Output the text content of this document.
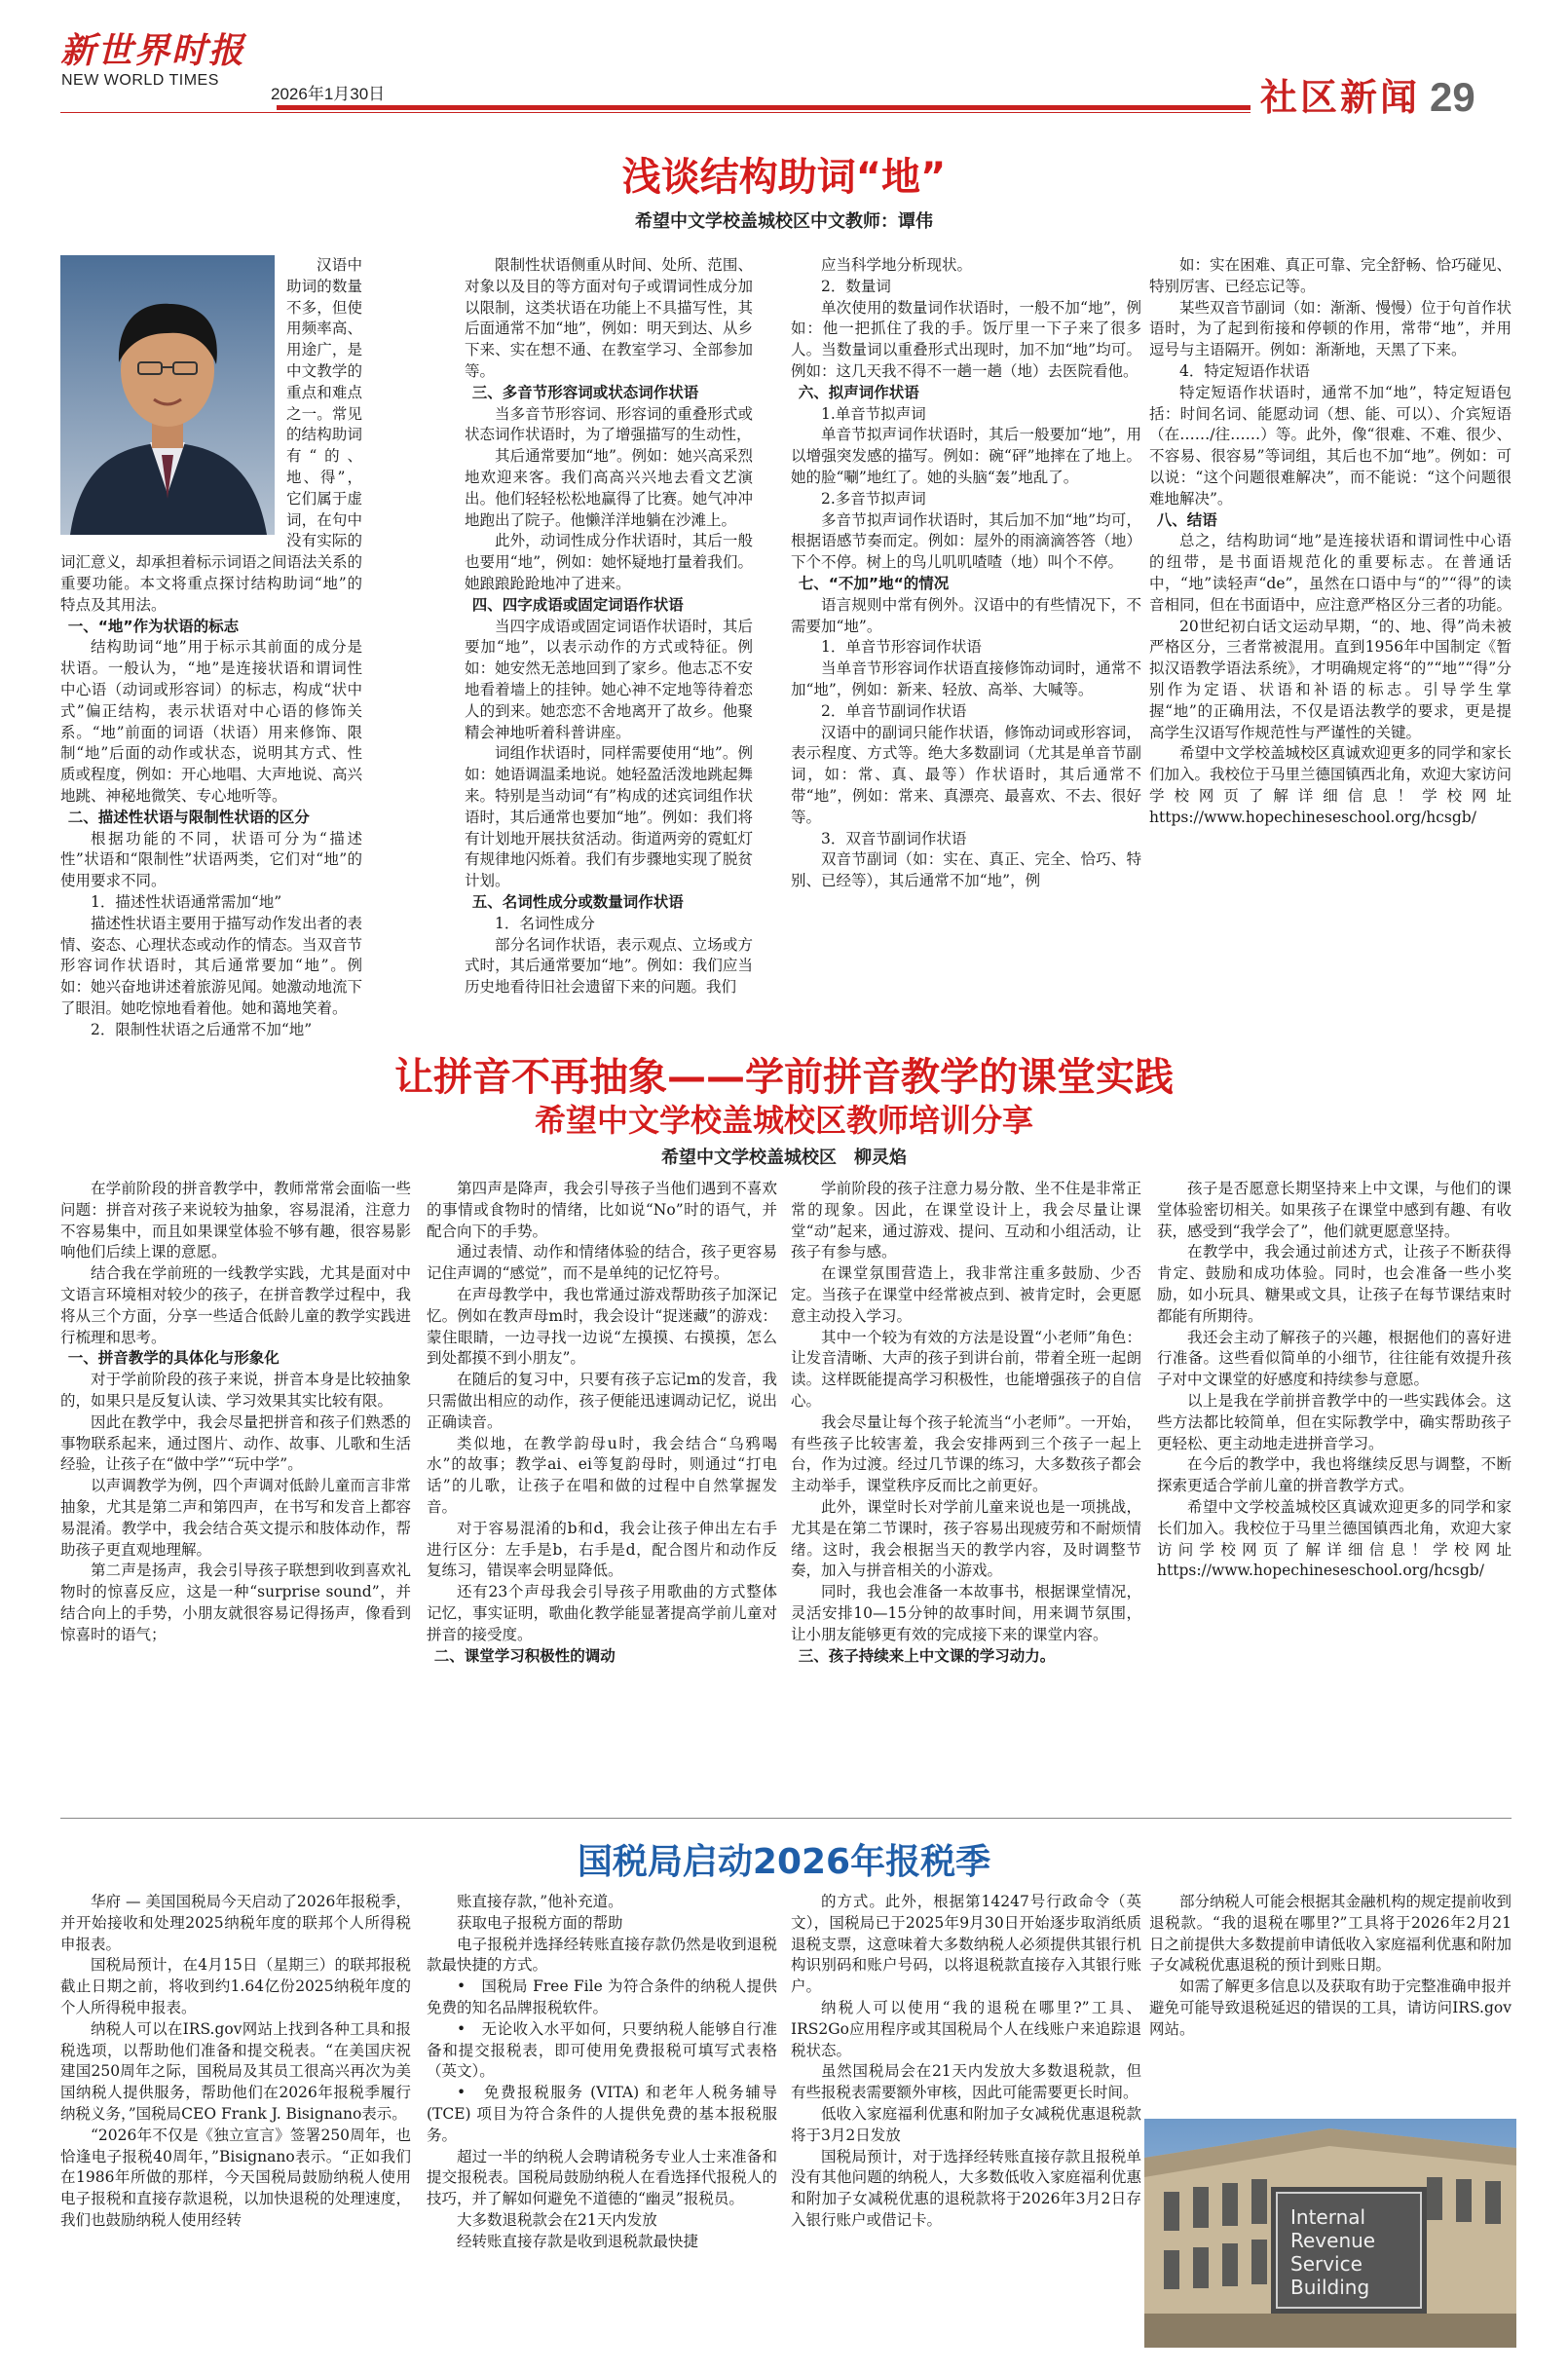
新世界时报
NEW WORLD TIMES
2026年1月30日	社区新闻 29
浅谈结构助词“地”
希望中文学校盖城校区中文教师：谭伟

汉语中助词的数量不多，但使用频率高、用途广，是中文教学的重点和难点之一。常见的结构助词有“的、地、得”，它们属于虚词，在句中没有实际的词汇意义，却承担着标示词语之间语法关系的重要功能。本文将重点探讨结构助词“地”的特点及其用法。

一、“地”作为状语的标志

结构助词“地”用于标示其前面的成分是状语。一般认为，“地”是连接状语和谓词性中心语（动词或形容词）的标志，构成“状中式”偏正结构，表示状语对中心语的修饰关系。“地”前面的词语（状语）用来修饰、限制“地”后面的动作或状态，说明其方式、性质或程度，例如：开心地唱、大声地说、高兴地跳、神秘地微笑、专心地听等。

二、描述性状语与限制性状语的区分

根据功能的不同，状语可分为“描述性”状语和“限制性”状语两类，它们对“地”的使用要求不同。

1．描述性状语通常需加“地”

描述性状语主要用于描写动作发出者的表情、姿态、心理状态或动作的情态。当双音节形容词作状语时，其后通常要加“地”。例如：她兴奋地讲述着旅游见闻。她激动地流下了眼泪。她吃惊地看着他。她和蔼地笑着。

2．限制性状语之后通常不加“地”

限制性状语侧重从时间、处所、范围、对象以及目的等方面对句子或谓词性成分加以限制，这类状语在功能上不具描写性，其后面通常不加“地”，例如：明天到达、从乡下来、实在想不通、在教室学习、全部参加等。

三、多音节形容词或状态词作状语

当多音节形容词、形容词的重叠形式或状态词作状语时，为了增强描写的生动性，

其后通常要加“地”。例如：她兴高采烈地欢迎来客。我们高高兴兴地去看文艺演出。他们轻轻松松地赢得了比赛。她气冲冲地跑出了院子。他懒洋洋地躺在沙滩上。

此外，动词性成分作状语时，其后一般也要用“地”，例如：她怀疑地打量着我们。她踉踉跄跄地冲了进来。

四、四字成语或固定词语作状语

当四字成语或固定词语作状语时，其后要加“地”，以表示动作的方式或特征。例如：她安然无恙地回到了家乡。他志忑不安地看着墙上的挂钟。她心神不定地等待着恋人的到来。她恋恋不舍地离开了故乡。他聚精会神地听着科普讲座。

词组作状语时，同样需要使用“地”。例如：她语调温柔地说。她轻盈活泼地跳起舞来。特别是当动词“有”构成的述宾词组作状语时，其后通常也要加“地”。例如：我们将有计划地开展扶贫活动。街道两旁的霓虹灯有规律地闪烁着。我们有步骤地实现了脱贫计划。

五、名词性成分或数量词作状语

1．名词性成分

部分名词作状语，表示观点、立场或方式时，其后通常要加“地”。例如：我们应当历史地看待旧社会遗留下来的问题。我们

应当科学地分析现状。

2．数量词

单次使用的数量词作状语时，一般不加“地”，例如：他一把抓住了我的手。饭厅里一下子来了很多人。当数量词以重叠形式出现时，加不加“地”均可。例如：这几天我不得不一趟一趟（地）去医院看他。

六、拟声词作状语

1.单音节拟声词

单音节拟声词作状语时，其后一般要加“地”，用以增强突发感的描写。例如：碗“砰”地摔在了地上。她的脸“唰”地红了。她的头脑“轰”地乱了。

2.多音节拟声词

多音节拟声词作状语时，其后加不加“地”均可，根据语感节奏而定。例如：屋外的雨滴滴答答（地）下个不停。树上的鸟儿叽叽喳喳（地）叫个不停。

七、“不加”地“的情况

语言规则中常有例外。汉语中的有些情况下，不需要加“地”。

1．单音节形容词作状语

当单音节形容词作状语直接修饰动词时，通常不加“地”，例如：新来、轻放、高举、大喊等。

2．单音节副词作状语

汉语中的副词只能作状语，修饰动词或形容词，表示程度、方式等。绝大多数副词（尤其是单音节副词，如：常、真、最等）作状语时，其后通常不带“地”，例如：常来、真漂亮、最喜欢、不去、很好等。

3．双音节副词作状语

双音节副词（如：实在、真正、完全、恰巧、特别、已经等），其后通常不加“地”，例

如：实在困难、真正可靠、完全舒畅、恰巧碰见、特别厉害、已经忘记等。

某些双音节副词（如：渐渐、慢慢）位于句首作状语时，为了起到衔接和停顿的作用，常带“地”，并用逗号与主语隔开。例如：渐渐地，天黑了下来。

4．特定短语作状语

特定短语作状语时，通常不加“地”，特定短语包括：时间名词、能愿动词（想、能、可以）、介宾短语（在……/往……）等。此外，像“很难、不难、很少、不容易、很容易”等词组，其后也不加“地”。例如：可以说：“这个问题很难解决”，而不能说：“这个问题很难地解决”。

八、结语

总之，结构助词“地”是连接状语和谓词性中心语的纽带，是书面语规范化的重要标志。在普通话中，“地”读轻声“de”，虽然在口语中与“的”“得”的读音相同，但在书面语中，应注意严格区分三者的功能。

20世纪初白话文运动早期，“的、地、得”尚未被严格区分，三者常被混用。直到1956年中国制定《暂拟汉语教学语法系统》，才明确规定将“的”“地”“得”分别作为定语、状语和补语的标志。引导学生掌握“地”的正确用法，不仅是语法教学的要求，更是提高学生汉语写作规范性与严谨性的关键。

希望中文学校盖城校区真诚欢迎更多的同学和家长们加入。我校位于马里兰德国镇西北角，欢迎大家访问学校网页了解详细信息！学校网址 https://www.hopechineseschool.org/hcsgb/

让拼音不再抽象——学前拼音教学的课堂实践
希望中文学校盖城校区教师培训分享
希望中文学校盖城校区　柳灵焰

在学前阶段的拼音教学中，教师常常会面临一些问题：拼音对孩子来说较为抽象，容易混淆，注意力不容易集中，而且如果课堂体验不够有趣，很容易影响他们后续上课的意愿。

结合我在学前班的一线教学实践，尤其是面对中文语言环境相对较少的孩子，在拼音教学过程中，我将从三个方面，分享一些适合低龄儿童的教学实践进行梳理和思考。

一、拼音教学的具体化与形象化

对于学前阶段的孩子来说，拼音本身是比较抽象的，如果只是反复认读、学习效果其实比较有限。

因此在教学中，我会尽量把拼音和孩子们熟悉的事物联系起来，通过图片、动作、故事、儿歌和生活经验，让孩子在“做中学”“玩中学”。

以声调教学为例，四个声调对低龄儿童而言非常抽象，尤其是第二声和第四声，在书写和发音上都容易混淆。教学中，我会结合英文提示和肢体动作，帮助孩子更直观地理解。

第二声是扬声，我会引导孩子联想到收到喜欢礼物时的惊喜反应，这是一种“surprise sound”，并结合向上的手势，小朋友就很容易记得扬声，像看到惊喜时的语气；

第四声是降声，我会引导孩子当他们遇到不喜欢的事情或食物时的情绪，比如说“No”时的语气，并配合向下的手势。

通过表情、动作和情绪体验的结合，孩子更容易记住声调的“感觉”，而不是单纯的记忆符号。

在声母教学中，我也常通过游戏帮助孩子加深记忆。例如在教声母m时，我会设计“捉迷藏”的游戏：蒙住眼睛，一边寻找一边说“左摸摸、右摸摸，怎么到处都摸不到小朋友”。

在随后的复习中，只要有孩子忘记m的发音，我只需做出相应的动作，孩子便能迅速调动记忆，说出正确读音。

类似地，在教学韵母u时，我会结合“乌鸦喝水”的故事；教学ai、ei等复韵母时，则通过“打电话”的儿歌，让孩子在唱和做的过程中自然掌握发音。

对于容易混淆的b和d，我会让孩子伸出左右手进行区分：左手是b，右手是d，配合图片和动作反复练习，错误率会明显降低。

还有23个声母我会引导孩子用歌曲的方式整体记忆，事实证明，歌曲化教学能显著提高学前儿童对拼音的接受度。

二、课堂学习积极性的调动

学前阶段的孩子注意力易分散、坐不住是非常正常的现象。因此，在课堂设计上，我会尽量让课堂“动”起来，通过游戏、提问、互动和小组活动，让孩子有参与感。

在课堂氛围营造上，我非常注重多鼓励、少否定。当孩子在课堂中经常被点到、被肯定时，会更愿意主动投入学习。

其中一个较为有效的方法是设置“小老师”角色：让发音清晰、大声的孩子到讲台前，带着全班一起朗读。这样既能提高学习积极性，也能增强孩子的自信心。

我会尽量让每个孩子轮流当“小老师”。一开始，有些孩子比较害羞，我会安排两到三个孩子一起上台，作为过渡。经过几节课的练习，大多数孩子都会主动举手，课堂秩序反而比之前更好。

此外，课堂时长对学前儿童来说也是一项挑战，尤其是在第二节课时，孩子容易出现疲劳和不耐烦情绪。这时，我会根据当天的教学内容，及时调整节奏，加入与拼音相关的小游戏。

同时，我也会准备一本故事书，根据课堂情况，灵活安排10—15分钟的故事时间，用来调节氛围，让小朋友能够更有效的完成接下来的课堂内容。

三、孩子持续来上中文课的学习动力。

孩子是否愿意长期坚持来上中文课，与他们的课堂体验密切相关。如果孩子在课堂中感到有趣、有收获，感受到“我学会了”，他们就更愿意坚持。

在教学中，我会通过前述方式，让孩子不断获得肯定、鼓励和成功体验。同时，也会准备一些小奖励，如小玩具、糖果或文具，让孩子在每节课结束时都能有所期待。

我还会主动了解孩子的兴趣，根据他们的喜好进行准备。这些看似简单的小细节，往往能有效提升孩子对中文课堂的好感度和持续参与意愿。

以上是我在学前拼音教学中的一些实践体会。这些方法都比较简单，但在实际教学中，确实帮助孩子更轻松、更主动地走进拼音学习。

在今后的教学中，我也将继续反思与调整，不断探索更适合学前儿童的拼音教学方式。

希望中文学校盖城校区真诚欢迎更多的同学和家长们加入。我校位于马里兰德国镇西北角，欢迎大家访问学校网页了解详细信息！学校网址 https://www.hopechineseschool.org/hcsgb/

国税局启动2026年报税季

华府 — 美国国税局今天启动了2026年报税季，并开始接收和处理2025纳税年度的联邦个人所得税申报表。

国税局预计，在4月15日（星期三）的联邦报税截止日期之前，将收到约1.64亿份2025纳税年度的个人所得税申报表。

纳税人可以在IRS.gov网站上找到各种工具和报税选项，以帮助他们准备和提交税表。“在美国庆祝建国250周年之际，国税局及其员工很高兴再次为美国纳税人提供服务，帮助他们在2026年报税季履行纳税义务，”国税局CEO Frank J. Bisignano表示。

“2026年不仅是《独立宣言》签署250周年，也恰逢电子报税40周年，”Bisignano表示。“正如我们在1986年所做的那样，今天国税局鼓励纳税人使用电子报税和直接存款退税，以加快退税的处理速度，我们也鼓励纳税人使用经转

账直接存款，”他补充道。

获取电子报税方面的帮助

电子报税并选择经转账直接存款仍然是收到退税款最快捷的方式。

•　国税局 Free File 为符合条件的纳税人提供免费的知名品牌报税软件。

•　无论收入水平如何，只要纳税人能够自行准备和提交报税表，即可使用免费报税可填写式表格（英文）。

•　免费报税服务 (VITA) 和老年人税务辅导 (TCE) 项目为符合条件的人提供免费的基本报税服务。

超过一半的纳税人会聘请税务专业人士来准备和提交报税表。国税局鼓励纳税人在看选择代报税人的技巧，并了解如何避免不道德的“幽灵”报税员。

大多数退税款会在21天内发放

经转账直接存款是收到退税款最快捷

的方式。此外，根据第14247号行政命令（英文），国税局已于2025年9月30日开始逐步取消纸质退税支票，这意味着大多数纳税人必须提供其银行机构识别码和账户号码，以将退税款直接存入其银行账户。

纳税人可以使用“我的退税在哪里?”工具、IRS2Go应用程序或其国税局个人在线账户来追踪退税状态。

虽然国税局会在21天内发放大多数退税款，但有些报税表需要额外审核，因此可能需要更长时间。

低收入家庭福利优惠和附加子女减税优惠退税款将于3月2日发放

国税局预计，对于选择经转账直接存款且报税单没有其他问题的纳税人，大多数低收入家庭福利优惠和附加子女减税优惠的退税款将于2026年3月2日存入银行账户或借记卡。

部分纳税人可能会根据其金融机构的规定提前收到退税款。“我的退税在哪里?”工具将于2026年2月21日之前提供大多数提前申请低收入家庭福利优惠和附加子女减税优惠退税的预计到账日期。

如需了解更多信息以及获取有助于完整准确申报并避免可能导致退税延迟的错误的工具，请访问IRS.gov网站。

Internal
Revenue
Service
Building
